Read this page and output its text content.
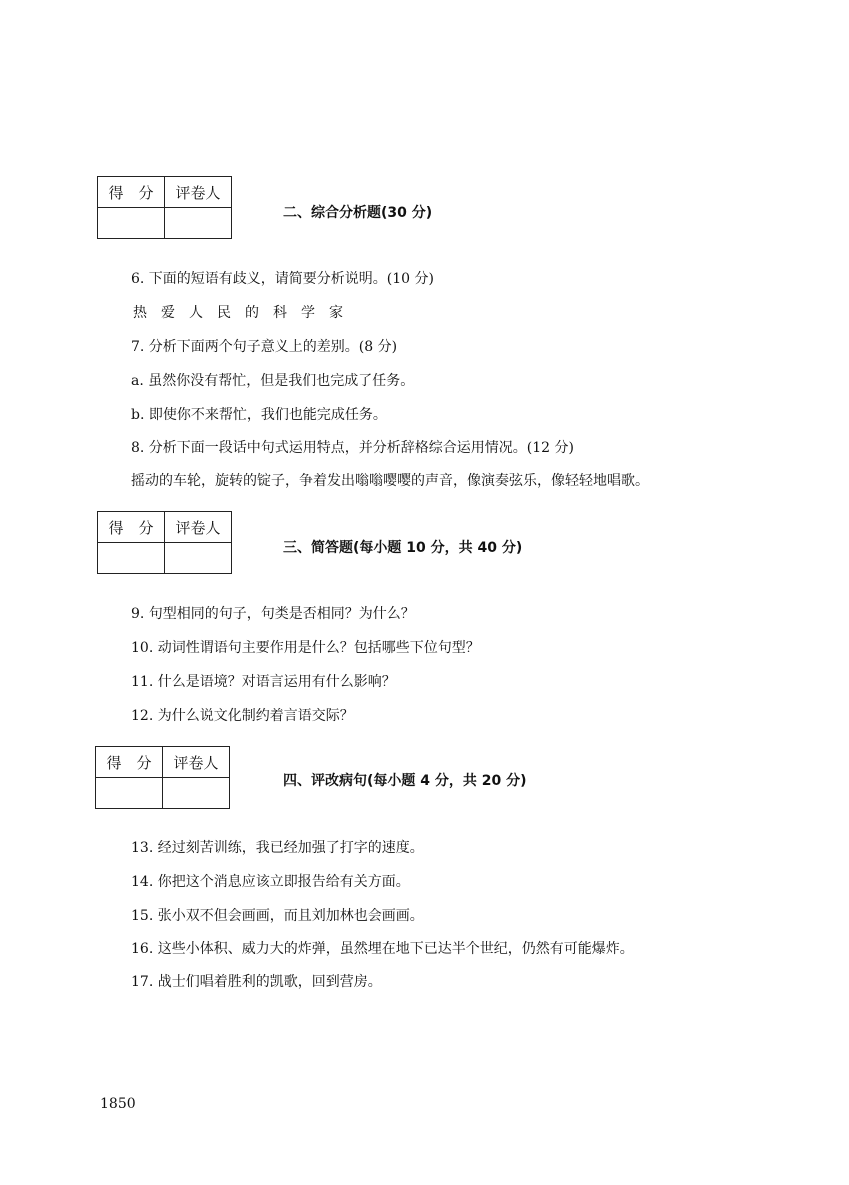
得　分	评卷人

二、综合分析题(30 分)
6. 下面的短语有歧义，请简要分析说明。(10 分)
热爱人民的科学家
7. 分析下面两个句子意义上的差别。(8 分)
a. 虽然你没有帮忙，但是我们也完成了任务。
b. 即使你不来帮忙，我们也能完成任务。
8. 分析下面一段话中句式运用特点，并分析辞格综合运用情况。(12 分)
摇动的车轮，旋转的锭子，争着发出嗡嗡嘤嘤的声音，像演奏弦乐，像轻轻地唱歌。
得　分	评卷人

三、简答题(每小题 10 分，共 40 分)
9. 句型相同的句子，句类是否相同？为什么？
10. 动词性谓语句主要作用是什么？包括哪些下位句型？
11. 什么是语境？对语言运用有什么影响？
12. 为什么说文化制约着言语交际？
得　分	评卷人

四、评改病句(每小题 4 分，共 20 分)
13. 经过刻苦训练，我已经加强了打字的速度。
14. 你把这个消息应该立即报告给有关方面。
15. 张小双不但会画画，而且刘加林也会画画。
16. 这些小体积、威力大的炸弹，虽然埋在地下已达半个世纪，仍然有可能爆炸。
17. 战士们唱着胜利的凯歌，回到营房。
1850
